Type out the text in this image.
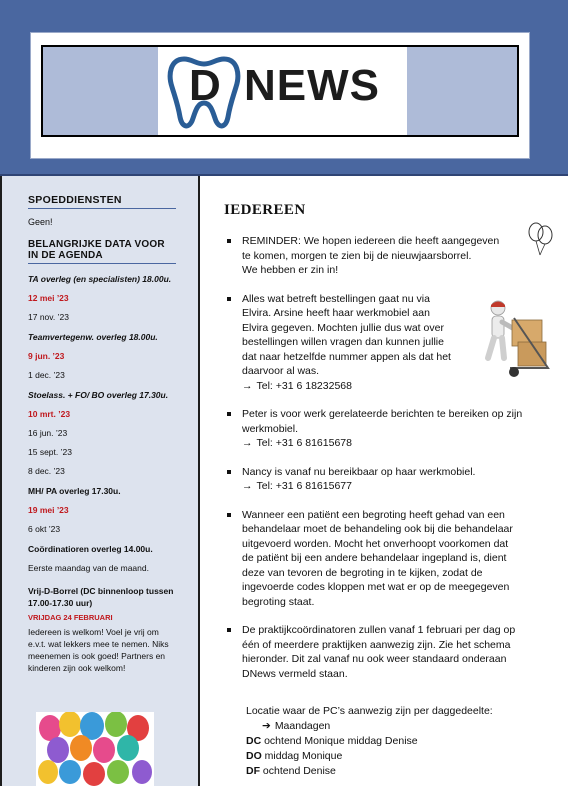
D NEWS
SPOEDDIENSTEN
Geen!
BELANGRIJKE DATA VOOR IN DE AGENDA
TA overleg (en specialisten) 18.00u.
12 mei ’23
17 nov. ’23
Teamvertegenw. overleg 18.00u.
9 jun. ’23
1 dec. ’23
Stoelass. + FO/ BO overleg 17.30u.
10 mrt. ’23
16 jun. ’23
15 sept. ’23
8 dec. ’23
MH/ PA overleg 17.30u.
19 mei ’23
6 okt ’23
Coördinatioren overleg 14.00u.
Eerste maandag van de maand.
Vrij-D-Borrel (DC binnenloop tussen 17.00-17.30 uur)
VRIJDAG 24 FEBRUARI
Iedereen is welkom! Voel je vrij om e.v.t. wat lekkers mee te nemen. Niks meenemen is ook goed! Partners en kinderen zijn ook welkom!
IEDEREEN
REMINDER: We hopen iedereen die heeft aangegeven
te komen, morgen te zien bij de nieuwjaarsborrel.
We hebben er zin in!
Alles wat betreft bestellingen gaat nu via
Elvira. Arsine heeft haar werkmobiel aan
Elvira gegeven. Mochten jullie dus wat over
bestellingen willen vragen dan kunnen jullie
dat naar hetzelfde nummer appen als dat het
daarvoor al was.
→ Tel: +31 6 18232568
Peter is voor werk gerelateerde berichten te bereiken op zijn
werkmobiel.
→ Tel: +31 6 81615678
Nancy is vanaf nu bereikbaar op haar werkmobiel.
→ Tel: +31 6 81615677
Wanneer een patiënt een begroting heeft gehad van een
behandelaar moet de behandeling ook bij die behandelaar
uitgevoerd worden. Mocht het onverhoopt voorkomen dat
de patiënt bij een andere behandelaar ingepland is, dient
deze van tevoren de begroting in te kijken, zodat de
ingevoerde codes kloppen met wat er op de meegegeven
begroting staat.
De praktijkcoördinatoren zullen vanaf 1 februari per dag op
één of meerdere praktijken aanwezig zijn. Zie het schema
hieronder. Dit zal vanaf nu ook weer standaard onderaan
DNews vermeld staan.
Locatie waar de PC’s aanwezig zijn per daggedeelte:
➔ Maandagen
DC ochtend Monique middag Denise
DO middag Monique
DF ochtend Denise
